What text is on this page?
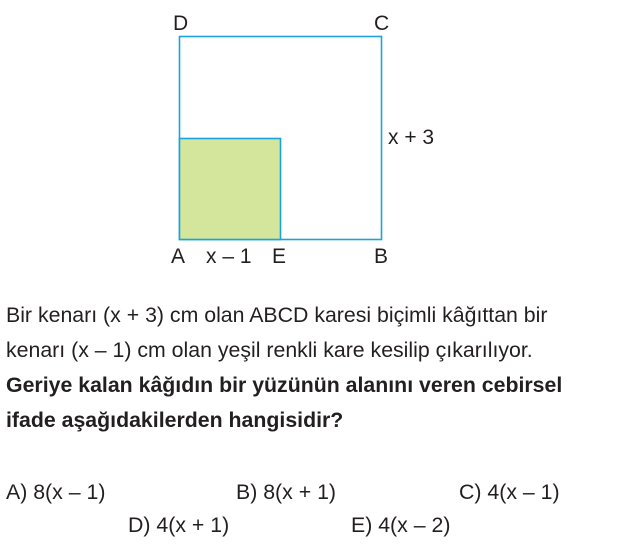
D	C
A	E	B
x + 3
x – 1

Bir kenarı (x + 3) cm olan ABCD karesi biçimli kâğıttan bir

kenarı (x – 1) cm olan yeşil renkli kare kesilip çıkarılıyor.

Geriye kalan kâğıdın bir yüzünün alanını veren cebirsel

ifade aşağıdakilerden hangisidir?

A) 8(x – 1)	B) 8(x + 1)	C) 4(x – 1)
D) 4(x + 1)	E) 4(x – 2)
